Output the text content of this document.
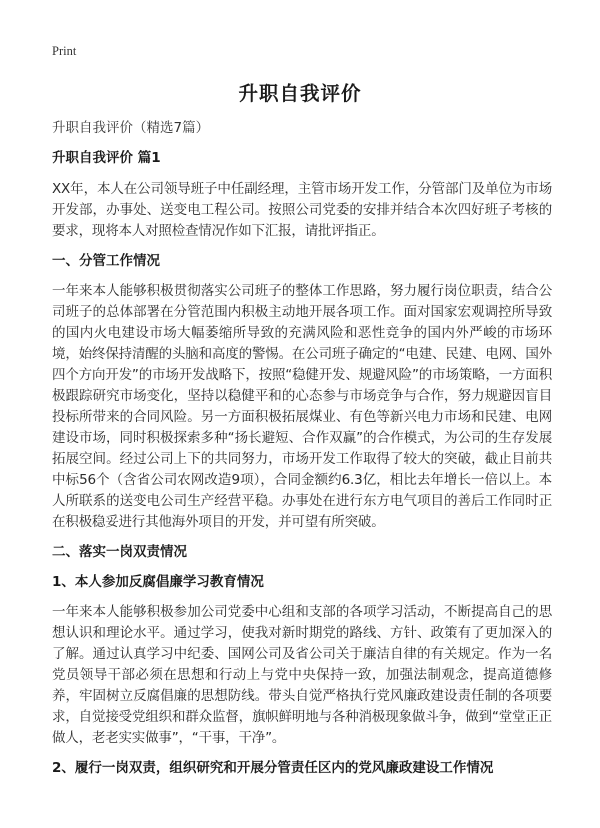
Print
升职自我评价

升职自我评价（精选7篇）

升职自我评价 篇1

XX年，本人在公司领导班子中任副经理，主管市场开发工作，分管部门及单位为市场开发部，办事处、送变电工程公司。按照公司党委的安排并结合本次四好班子考核的要求，现将本人对照检查情况作如下汇报，请批评指正。

一、分管工作情况

一年来本人能够积极贯彻落实公司班子的整体工作思路，努力履行岗位职责，结合公司班子的总体部署在分管范围内积极主动地开展各项工作。面对国家宏观调控所导致的国内火电建设市场大幅萎缩所导致的充满风险和恶性竞争的国内外严峻的市场环境，始终保持清醒的头脑和高度的警惕。在公司班子确定的“电建、民建、电网、国外四个方向开发”的市场开发战略下，按照“稳健开发、规避风险”的市场策略，一方面积极跟踪研究市场变化，坚持以稳健平和的心态参与市场竞争与合作，努力规避因盲目投标所带来的合同风险。另一方面积极拓展煤业、有色等新兴电力市场和民建、电网建设市场，同时积极探索多种“扬长避短、合作双赢”的合作模式，为公司的生存发展拓展空间。经过公司上下的共同努力，市场开发工作取得了较大的突破，截止目前共中标56个（含省公司农网改造9项），合同金额约6.3亿，相比去年增长一倍以上。本人所联系的送变电公司生产经营平稳。办事处在进行东方电气项目的善后工作同时正在积极稳妥进行其他海外项目的开发，并可望有所突破。

二、落实一岗双责情况

1、本人参加反腐倡廉学习教育情况

一年来本人能够积极参加公司党委中心组和支部的各项学习活动，不断提高自己的思想认识和理论水平。通过学习，使我对新时期党的路线、方针、政策有了更加深入的了解。通过认真学习中纪委、国网公司及省公司关于廉洁自律的有关规定。作为一名党员领导干部必须在思想和行动上与党中央保持一致，加强法制观念，提高道德修养，牢固树立反腐倡廉的思想防线。带头自觉严格执行党风廉政建设责任制的各项要求，自觉接受党组织和群众监督，旗帜鲜明地与各种消极现象做斗争，做到“堂堂正正做人，老老实实做事”，“干事，干净”。

2、履行一岗双责，组织研究和开展分管责任区内的党风廉政建设工作情况
